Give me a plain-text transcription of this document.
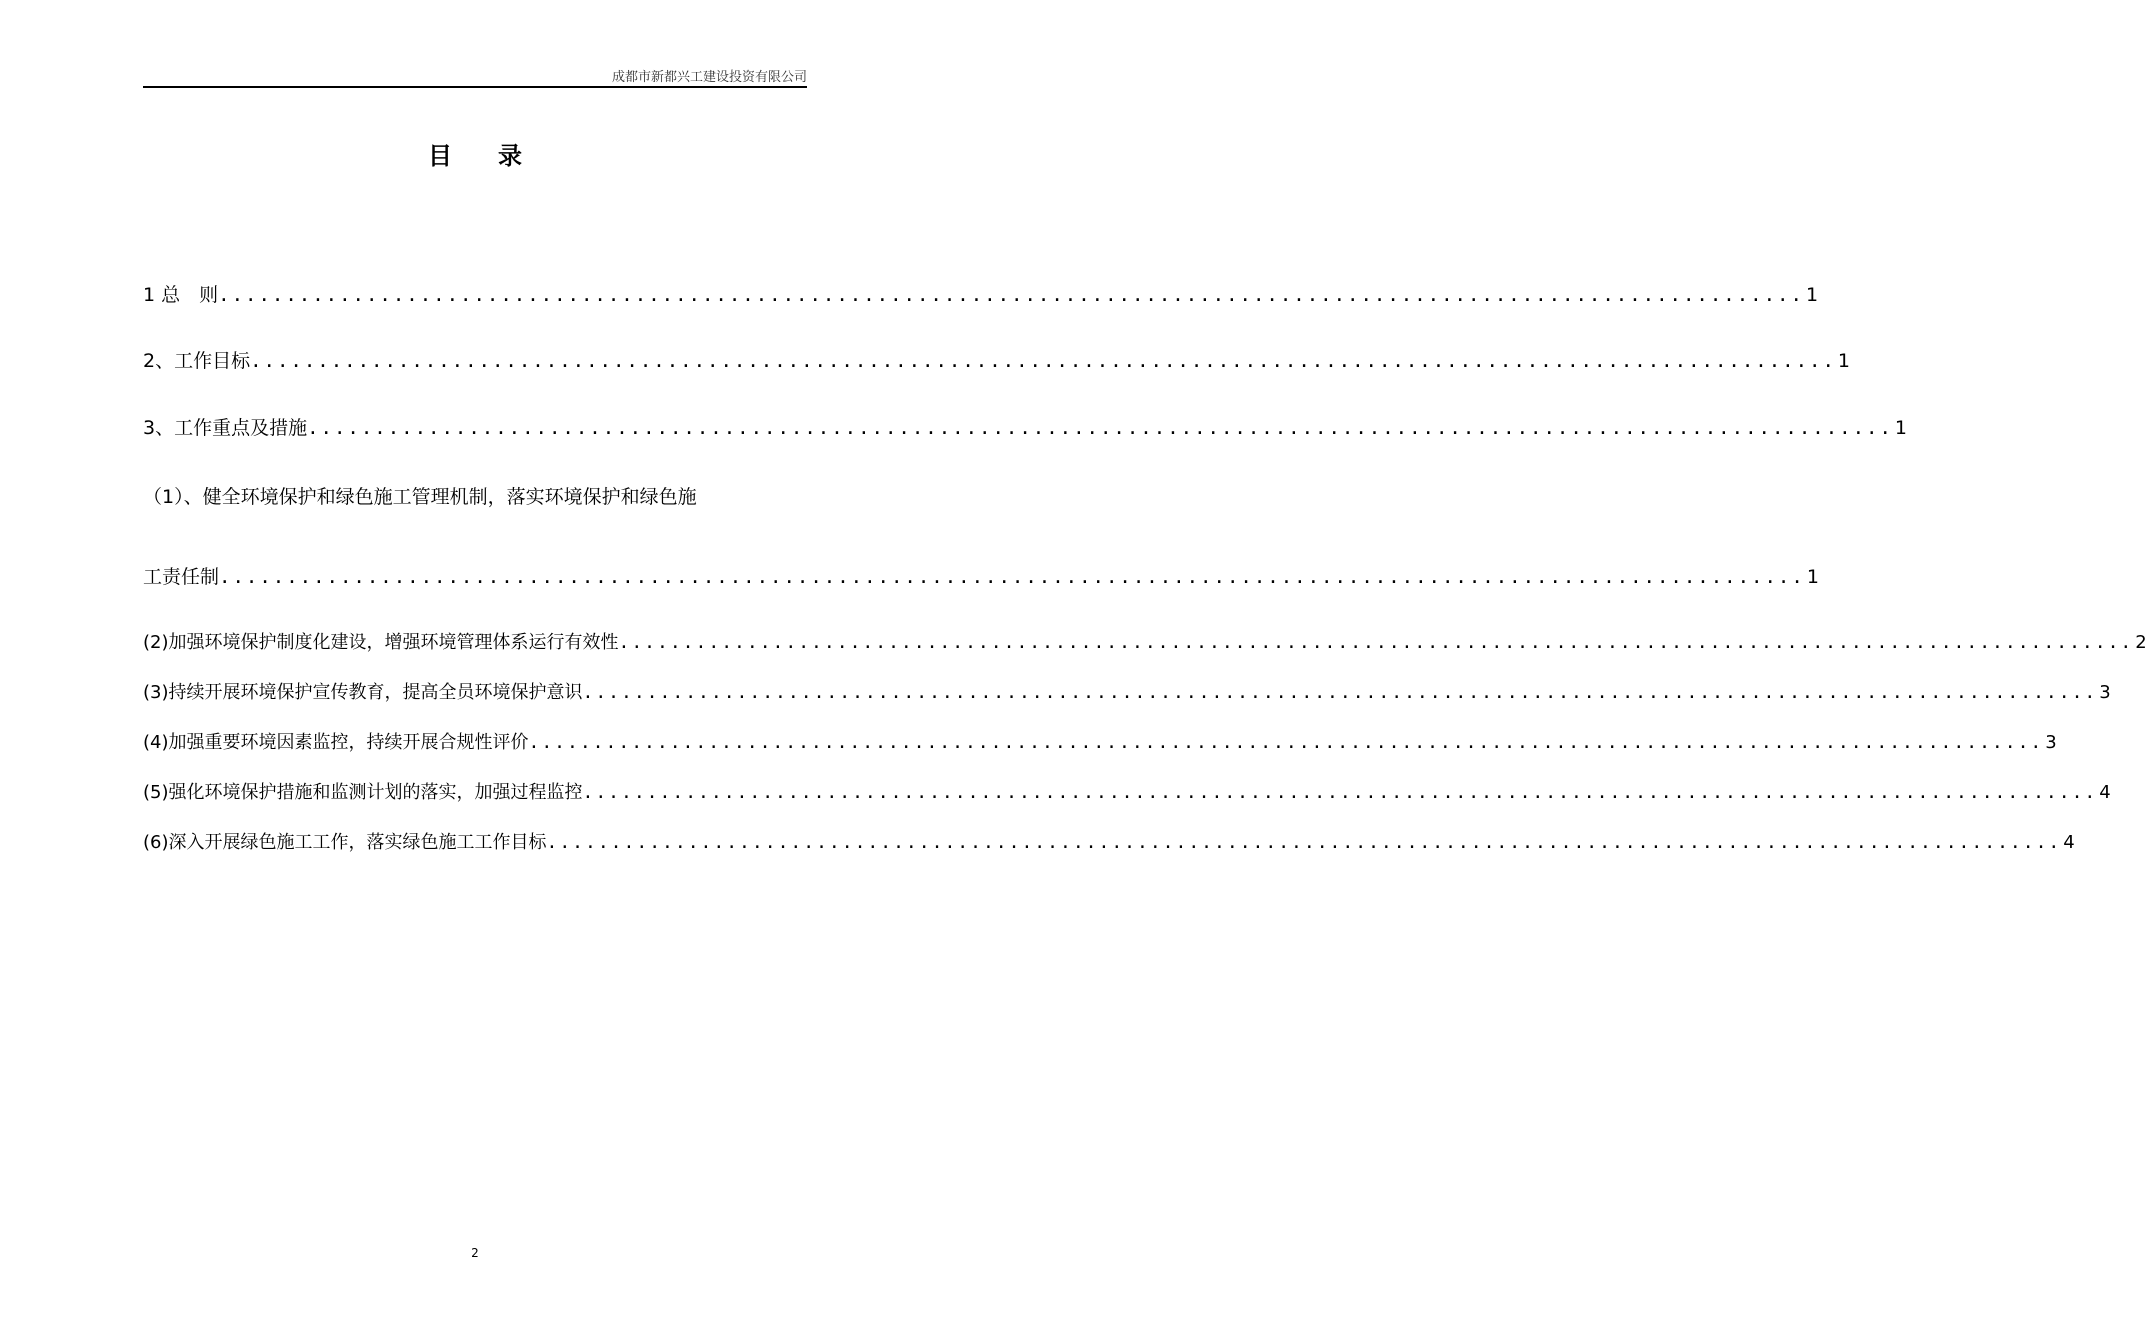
成都市新都兴工建设投资有限公司
目录
1 总　则 ...................................................................................................................... 1
2、工作目标 ...................................................................................................................... 1
3、工作重点及措施 ...................................................................................................................... 1
（1）、健全环境保护和绿色施工管理机制，落实环境保护和绿色施
工责任制 ...................................................................................................................... 1
(2)加强环境保护制度化建设，增强环境管理体系运行有效性 ...................................................................................................................... 2
(3)持续开展环境保护宣传教育，提高全员环境保护意识 ...................................................................................................................... 3
(4)加强重要环境因素监控，持续开展合规性评价 ...................................................................................................................... 3
(5)强化环境保护措施和监测计划的落实，加强过程监控 ...................................................................................................................... 4
(6)深入开展绿色施工工作，落实绿色施工工作目标 ...................................................................................................................... 4
2
